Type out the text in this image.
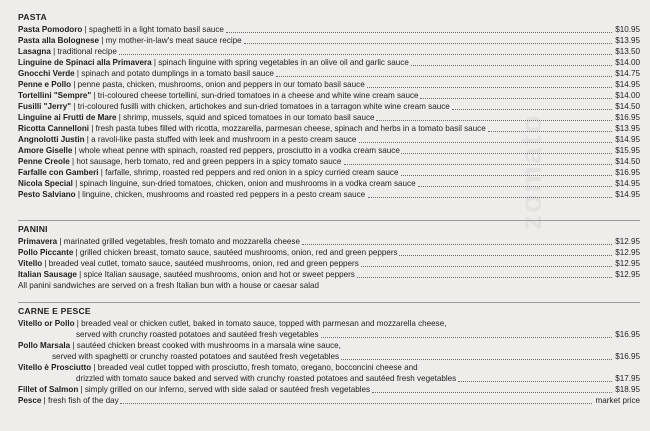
zomato
PASTA
Pasta Pomodoro | spaghetti in a light tomato basil sauce	$10.95
Pasta alla Bolognese | my mother-in-law's meat sauce recipe	$13.95
Lasagna | traditional recipe	$13.50
Linguine de Spinaci alla Primavera | spinach linguine with spring vegetables in an olive oil and garlic sauce	$14.00
Gnocchi Verde | spinach and potato dumplings in a tomato basil sauce	$14.75
Penne e Pollo | penne pasta, chicken, mushrooms, onion and peppers in our tomato basil sauce	$14.95
Tortellini "Sempre" | tri-coloured cheese tortellini, sun-dried tomatoes in a cheese and white wine cream sauce	$14.00
Fusilli "Jerry" | tri-coloured fusilli with chicken, artichokes and sun-dried tomatoes in a tarragon white wine cream sauce	$14.50
Linguine ai Frutti de Mare | shrimp, mussels, squid and spiced tomatoes in our tomato basil sauce	$16.95
Ricotta Cannelloni | fresh pasta tubes filled with ricotta, mozzarella, parmesan cheese, spinach and herbs in a tomato basil sauce	$13.95
Angnolotti Justin | a ravoli-like pasta stuffed with leek and mushroom in a pesto cream sauce	$14.95
Amore Giselle | whole wheat penne with spinach, roasted red peppers, prosciutto in a vodka cream sauce	$15.95
Penne Creole | hot sausage, herb tomato, red and green peppers in a spicy tomato sauce	$14.50
Farfalle con Gamberi | farfalle, shrimp, roasted red peppers and red onion in a spicy curried cream sauce	$16.95
Nicola Special | spinach linguine, sun-dried tomatoes, chicken, onion and mushrooms in a vodka cream sauce	$14.95
Pesto Salviano | linguine, chicken, mushrooms and roasted red peppers in a pesto cream sauce	$14.95
PANINI
Primavera | marinated grilled vegetables, fresh tomato and mozzarella cheese	$12.95
Pollo Piccante | grilled chicken breast, tomato sauce, sautéed mushrooms, onion, red and green peppers	$12.95
Vitello | breaded veal cutlet, tomato sauce, sautéed mushrooms, onion, red and green peppers	$12.95
Italian Sausage | spice Italian sausage, sautéed mushrooms, onion and hot or sweet peppers	$12.95
All panini sandwiches are served on a fresh Italian bun with a house or caesar salad
CARNE E PESCE
Vitello or Pollo | breaded veal or chicken cutlet, baked in tomato sauce, topped with parmesan and mozzarella cheese,
served with crunchy roasted potatoes and sautéed fresh vegetables	$16.95
Pollo Marsala | sautéed chicken breast cooked with mushrooms in a marsala wine sauce,
served with spaghetti or crunchy roasted potatoes and sautéed fresh vegetables	$16.95
Vitello è Prosciutto | breaded veal cutlet topped with prosciutto, fresh tomato, oregano, bocconcini cheese and
drizzled with tomato sauce baked and served with crunchy roasted potatoes and sautéed fresh vegetables	$17.95
Fillet of Salmon | simply grilled on our inferno, served with side salad or sautéed fresh vegetables	$18.95
Pesce | fresh fish of the day	market price
